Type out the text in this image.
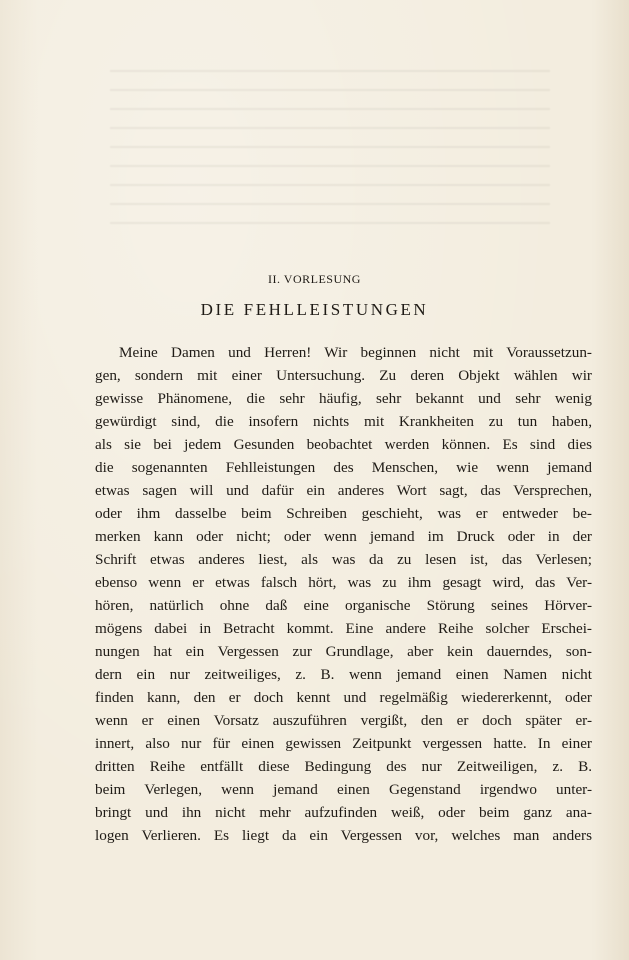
II. VORLESUNG
DIE FEHLLEISTUNGEN
Meine Damen und Herren! Wir beginnen nicht mit Voraussetzun-
gen, sondern mit einer Untersuchung. Zu deren Objekt wählen wir
gewisse Phänomene, die sehr häufig, sehr bekannt und sehr wenig
gewürdigt sind, die insofern nichts mit Krankheiten zu tun haben,
als sie bei jedem Gesunden beobachtet werden können. Es sind dies
die sogenannten Fehlleistungen des Menschen, wie wenn jemand
etwas sagen will und dafür ein anderes Wort sagt, das Versprechen,
oder ihm dasselbe beim Schreiben geschieht, was er entweder be-
merken kann oder nicht; oder wenn jemand im Druck oder in der
Schrift etwas anderes liest, als was da zu lesen ist, das Verlesen;
ebenso wenn er etwas falsch hört, was zu ihm gesagt wird, das Ver-
hören, natürlich ohne daß eine organische Störung seines Hörver-
mögens dabei in Betracht kommt. Eine andere Reihe solcher Erschei-
nungen hat ein Vergessen zur Grundlage, aber kein dauerndes, son-
dern ein nur zeitweiliges, z. B. wenn jemand einen Namen nicht
finden kann, den er doch kennt und regelmäßig wiedererkennt, oder
wenn er einen Vorsatz auszuführen vergißt, den er doch später er-
innert, also nur für einen gewissen Zeitpunkt vergessen hatte. In einer
dritten Reihe entfällt diese Bedingung des nur Zeitweiligen, z. B.
beim Verlegen, wenn jemand einen Gegenstand irgendwo unter-
bringt und ihn nicht mehr aufzufinden weiß, oder beim ganz ana-
logen Verlieren. Es liegt da ein Vergessen vor, welches man anders
